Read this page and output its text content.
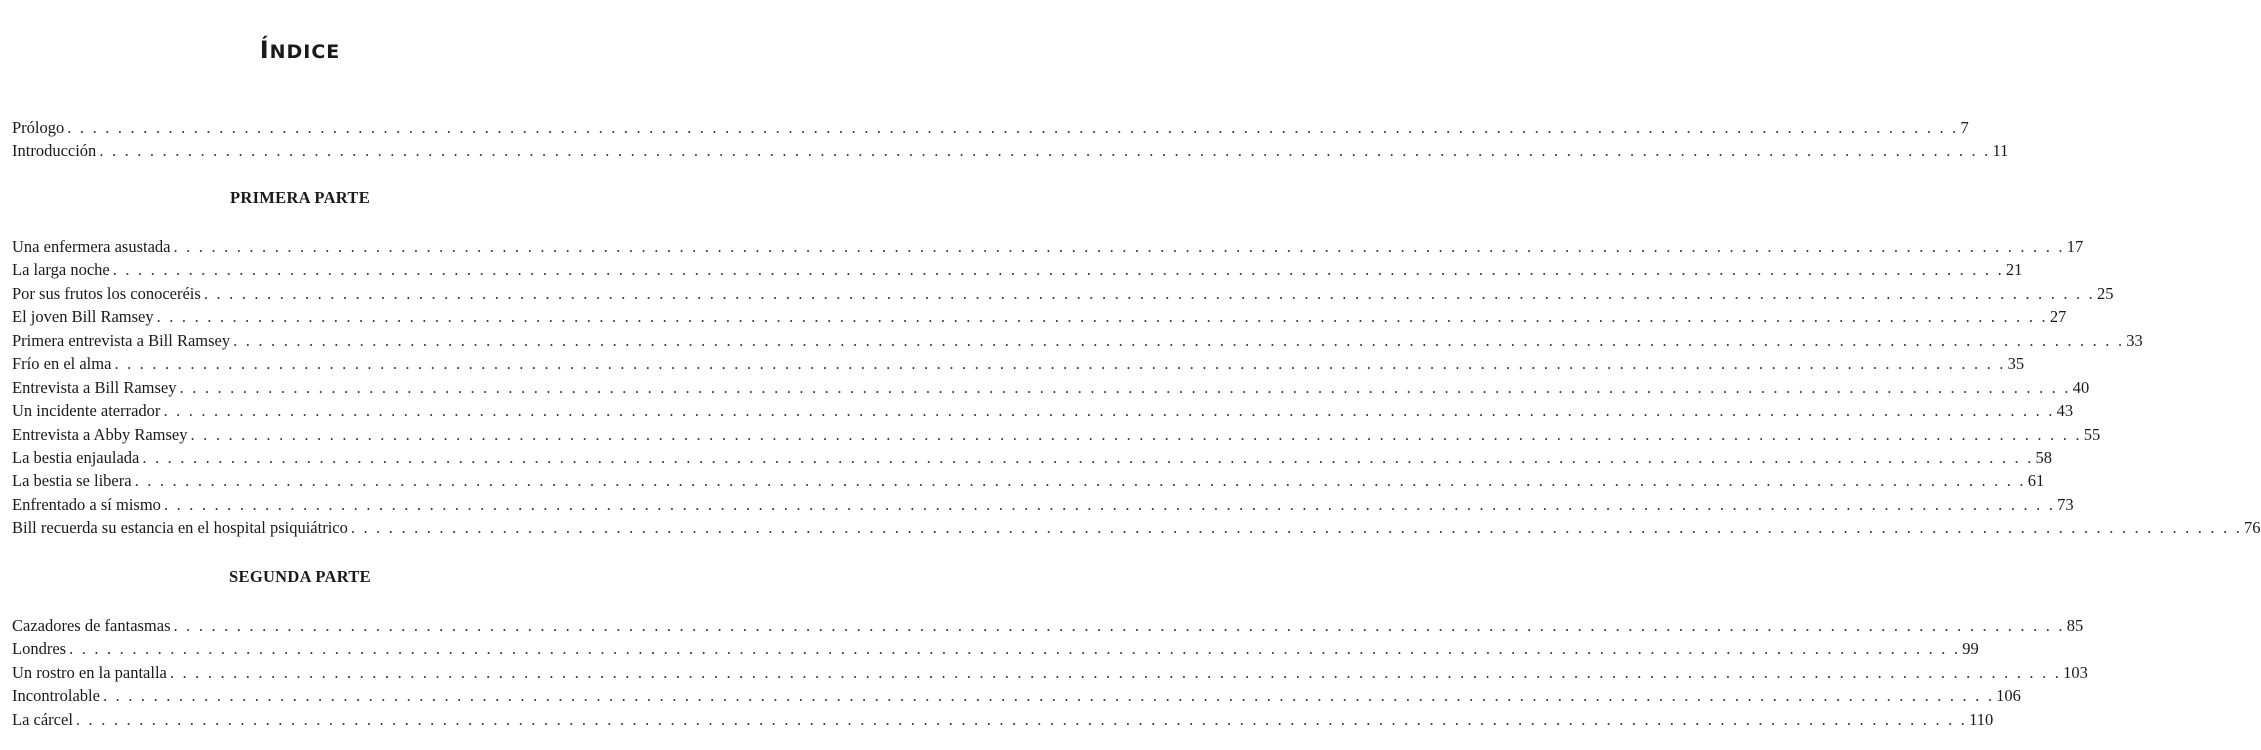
ÍNDICE
Prólogo . . . . . . . . . . . . . . . . . . . . . . . . . . . . . . . . . . . . . . . . . . . . . . . . . . . . . . . . . . . . . . . . . . . . . . . . . . . . . . . . . . . . . . . . . . . . . . . . . . . . . . . . . . . . . . . . . . . . . . . . . . . . . . . . . . . . . . . . . . . . . . . . . . . . . . 7
Introducción . . . . . . . . . . . . . . . . . . . . . . . . . . . . . . . . . . . . . . . . . . . . . . . . . . . . . . . . . . . . . . . . . . . . . . . . . . . . . . . . . . . . . . . . . . . . . . . . . . . . . . . . . . . . . . . . . . . . . . . . . . . . . . . . . . . . . . . . . . . . . . . . . . . . . . 11
PRIMERA PARTE
Una enfermera asustada . . . . . . . . . . . . . . . . . . . . . . . . . . . . . . . . . . . . . . . . . . . . . . . . . . . . . . . . . . . . . . . . . . . . . . . . . . . . . . . . . . . . . . . . . . . . . . . . . . . . . . . . . . . . . . . . . . . . . . . . . . . . . . . . . . . . . . . . . . . . . . . . . . . . . . 17
La larga noche . . . . . . . . . . . . . . . . . . . . . . . . . . . . . . . . . . . . . . . . . . . . . . . . . . . . . . . . . . . . . . . . . . . . . . . . . . . . . . . . . . . . . . . . . . . . . . . . . . . . . . . . . . . . . . . . . . . . . . . . . . . . . . . . . . . . . . . . . . . . . . . . . . . . . . 21
Por sus frutos los conoceréis . . . . . . . . . . . . . . . . . . . . . . . . . . . . . . . . . . . . . . . . . . . . . . . . . . . . . . . . . . . . . . . . . . . . . . . . . . . . . . . . . . . . . . . . . . . . . . . . . . . . . . . . . . . . . . . . . . . . . . . . . . . . . . . . . . . . . . . . . . . . . . . . . . . . . . 25
El joven Bill Ramsey . . . . . . . . . . . . . . . . . . . . . . . . . . . . . . . . . . . . . . . . . . . . . . . . . . . . . . . . . . . . . . . . . . . . . . . . . . . . . . . . . . . . . . . . . . . . . . . . . . . . . . . . . . . . . . . . . . . . . . . . . . . . . . . . . . . . . . . . . . . . . . . . . . . . . . 27
Primera entrevista a Bill Ramsey . . . . . . . . . . . . . . . . . . . . . . . . . . . . . . . . . . . . . . . . . . . . . . . . . . . . . . . . . . . . . . . . . . . . . . . . . . . . . . . . . . . . . . . . . . . . . . . . . . . . . . . . . . . . . . . . . . . . . . . . . . . . . . . . . . . . . . . . . . . . . . . . . . . . . . 33
Frío en el alma . . . . . . . . . . . . . . . . . . . . . . . . . . . . . . . . . . . . . . . . . . . . . . . . . . . . . . . . . . . . . . . . . . . . . . . . . . . . . . . . . . . . . . . . . . . . . . . . . . . . . . . . . . . . . . . . . . . . . . . . . . . . . . . . . . . . . . . . . . . . . . . . . . . . . . 35
Entrevista a Bill Ramsey . . . . . . . . . . . . . . . . . . . . . . . . . . . . . . . . . . . . . . . . . . . . . . . . . . . . . . . . . . . . . . . . . . . . . . . . . . . . . . . . . . . . . . . . . . . . . . . . . . . . . . . . . . . . . . . . . . . . . . . . . . . . . . . . . . . . . . . . . . . . . . . . . . . . . . 40
Un incidente aterrador . . . . . . . . . . . . . . . . . . . . . . . . . . . . . . . . . . . . . . . . . . . . . . . . . . . . . . . . . . . . . . . . . . . . . . . . . . . . . . . . . . . . . . . . . . . . . . . . . . . . . . . . . . . . . . . . . . . . . . . . . . . . . . . . . . . . . . . . . . . . . . . . . . . . . . 43
Entrevista a Abby Ramsey . . . . . . . . . . . . . . . . . . . . . . . . . . . . . . . . . . . . . . . . . . . . . . . . . . . . . . . . . . . . . . . . . . . . . . . . . . . . . . . . . . . . . . . . . . . . . . . . . . . . . . . . . . . . . . . . . . . . . . . . . . . . . . . . . . . . . . . . . . . . . . . . . . . . . . 55
La bestia enjaulada . . . . . . . . . . . . . . . . . . . . . . . . . . . . . . . . . . . . . . . . . . . . . . . . . . . . . . . . . . . . . . . . . . . . . . . . . . . . . . . . . . . . . . . . . . . . . . . . . . . . . . . . . . . . . . . . . . . . . . . . . . . . . . . . . . . . . . . . . . . . . . . . . . . . . . 58
La bestia se libera . . . . . . . . . . . . . . . . . . . . . . . . . . . . . . . . . . . . . . . . . . . . . . . . . . . . . . . . . . . . . . . . . . . . . . . . . . . . . . . . . . . . . . . . . . . . . . . . . . . . . . . . . . . . . . . . . . . . . . . . . . . . . . . . . . . . . . . . . . . . . . . . . . . . . . 61
Enfrentado a sí mismo . . . . . . . . . . . . . . . . . . . . . . . . . . . . . . . . . . . . . . . . . . . . . . . . . . . . . . . . . . . . . . . . . . . . . . . . . . . . . . . . . . . . . . . . . . . . . . . . . . . . . . . . . . . . . . . . . . . . . . . . . . . . . . . . . . . . . . . . . . . . . . . . . . . . . . 73
Bill recuerda su estancia en el hospital psiquiátrico . . . . . . . . . . . . . . . . . . . . . . . . . . . . . . . . . . . . . . . . . . . . . . . . . . . . . . . . . . . . . . . . . . . . . . . . . . . . . . . . . . . . . . . . . . . . . . . . . . . . . . . . . . . . . . . . . . . . . . . . . . . . . . . . . . . . . . . . . . . . . . . . . . . . . . 76
SEGUNDA PARTE
Cazadores de fantasmas . . . . . . . . . . . . . . . . . . . . . . . . . . . . . . . . . . . . . . . . . . . . . . . . . . . . . . . . . . . . . . . . . . . . . . . . . . . . . . . . . . . . . . . . . . . . . . . . . . . . . . . . . . . . . . . . . . . . . . . . . . . . . . . . . . . . . . . . . . . . . . . . . . . . . . 85
Londres . . . . . . . . . . . . . . . . . . . . . . . . . . . . . . . . . . . . . . . . . . . . . . . . . . . . . . . . . . . . . . . . . . . . . . . . . . . . . . . . . . . . . . . . . . . . . . . . . . . . . . . . . . . . . . . . . . . . . . . . . . . . . . . . . . . . . . . . . . . . . . . . . . . . . . 99
Un rostro en la pantalla . . . . . . . . . . . . . . . . . . . . . . . . . . . . . . . . . . . . . . . . . . . . . . . . . . . . . . . . . . . . . . . . . . . . . . . . . . . . . . . . . . . . . . . . . . . . . . . . . . . . . . . . . . . . . . . . . . . . . . . . . . . . . . . . . . . . . . . . . . . . . . . . . . . . . . 103
Incontrolable . . . . . . . . . . . . . . . . . . . . . . . . . . . . . . . . . . . . . . . . . . . . . . . . . . . . . . . . . . . . . . . . . . . . . . . . . . . . . . . . . . . . . . . . . . . . . . . . . . . . . . . . . . . . . . . . . . . . . . . . . . . . . . . . . . . . . . . . . . . . . . . . . . . . . . 106
La cárcel . . . . . . . . . . . . . . . . . . . . . . . . . . . . . . . . . . . . . . . . . . . . . . . . . . . . . . . . . . . . . . . . . . . . . . . . . . . . . . . . . . . . . . . . . . . . . . . . . . . . . . . . . . . . . . . . . . . . . . . . . . . . . . . . . . . . . . . . . . . . . . . . . . . . . . 110
